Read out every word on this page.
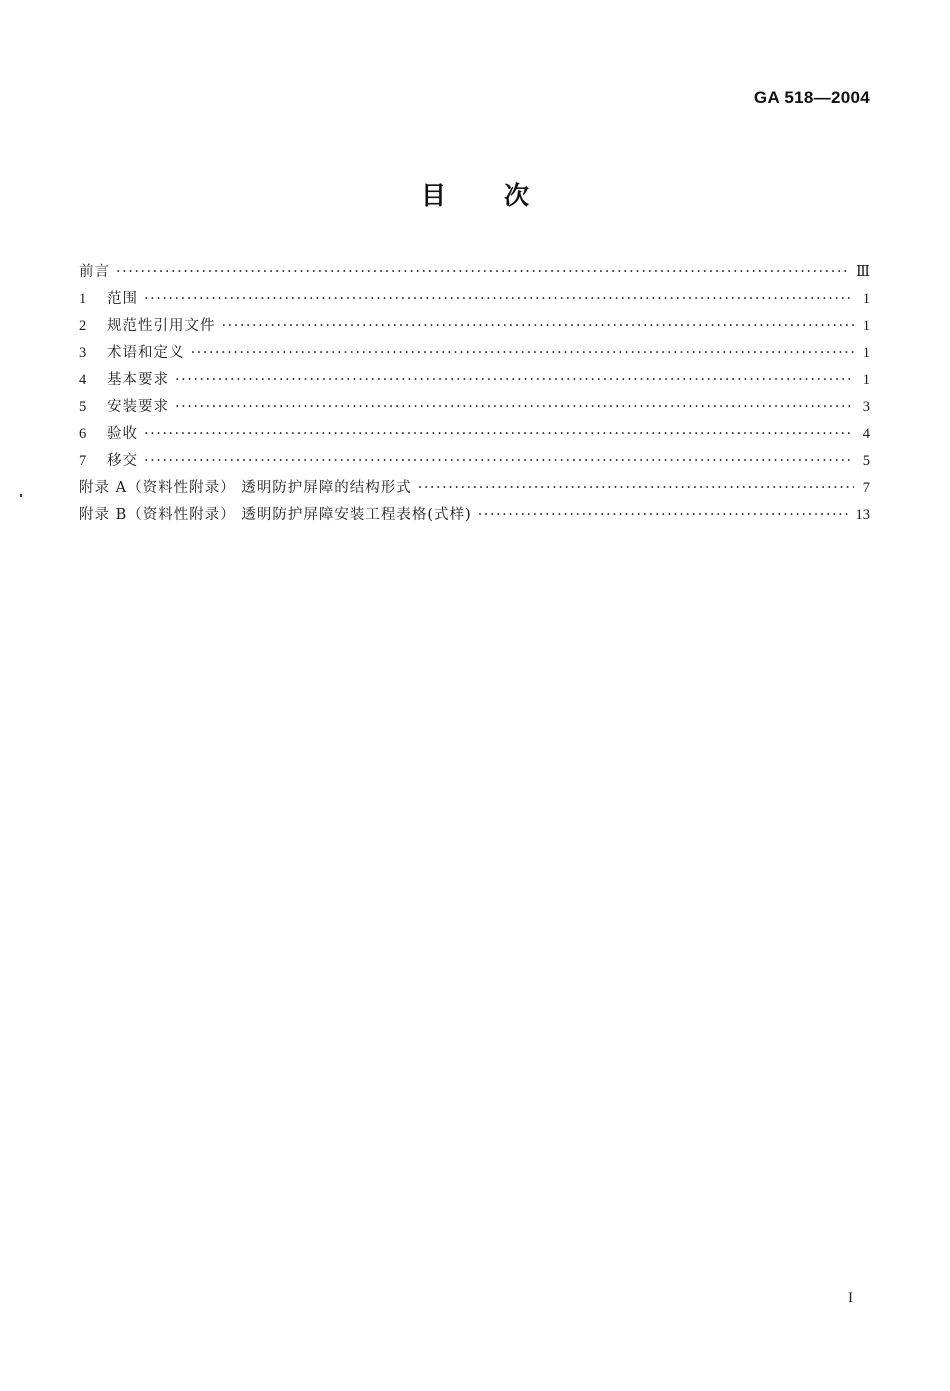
GA 518—2004
目 次
前言 ·····	Ⅲ
1	范围 ·····	1
2	规范性引用文件 ·····	1
3	术语和定义 ·····	1
4	基本要求 ·····	1
5	安装要求 ·····	3
6	验收 ·····	4
7	移交 ·····	5
附录 A（资料性附录） 透明防护屏障的结构形式 ·····	7
附录 B（资料性附录） 透明防护屏障安装工程表格(式样) ·····	13
I
